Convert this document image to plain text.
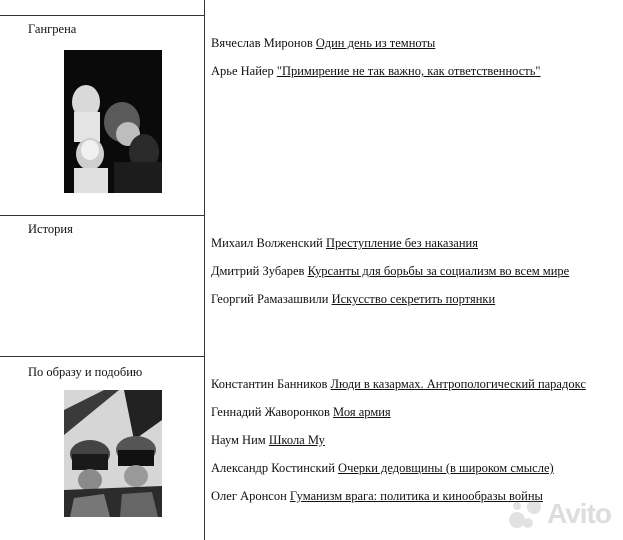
Гангрена
Вячеслав Миронов Один день из темноты
Арье Найер "Примирение не так важно, как ответственность"
История
Михаил Волженский Преступление без наказания
Дмитрий Зубарев Курсанты для борьбы за социализм во всем мире
Георгий Рамазашвили Искусство секретить портянки
По образу и подобию
Константин Банников Люди в казармах. Антропологический парадокс
Геннадий Жаворонков Моя армия
Наум Ним Школа Му
Александр Костинский Очерки дедовщины (в широком смысле)
Олег Аронсон Гуманизм врага: политика и кинообразы войны
Avito
